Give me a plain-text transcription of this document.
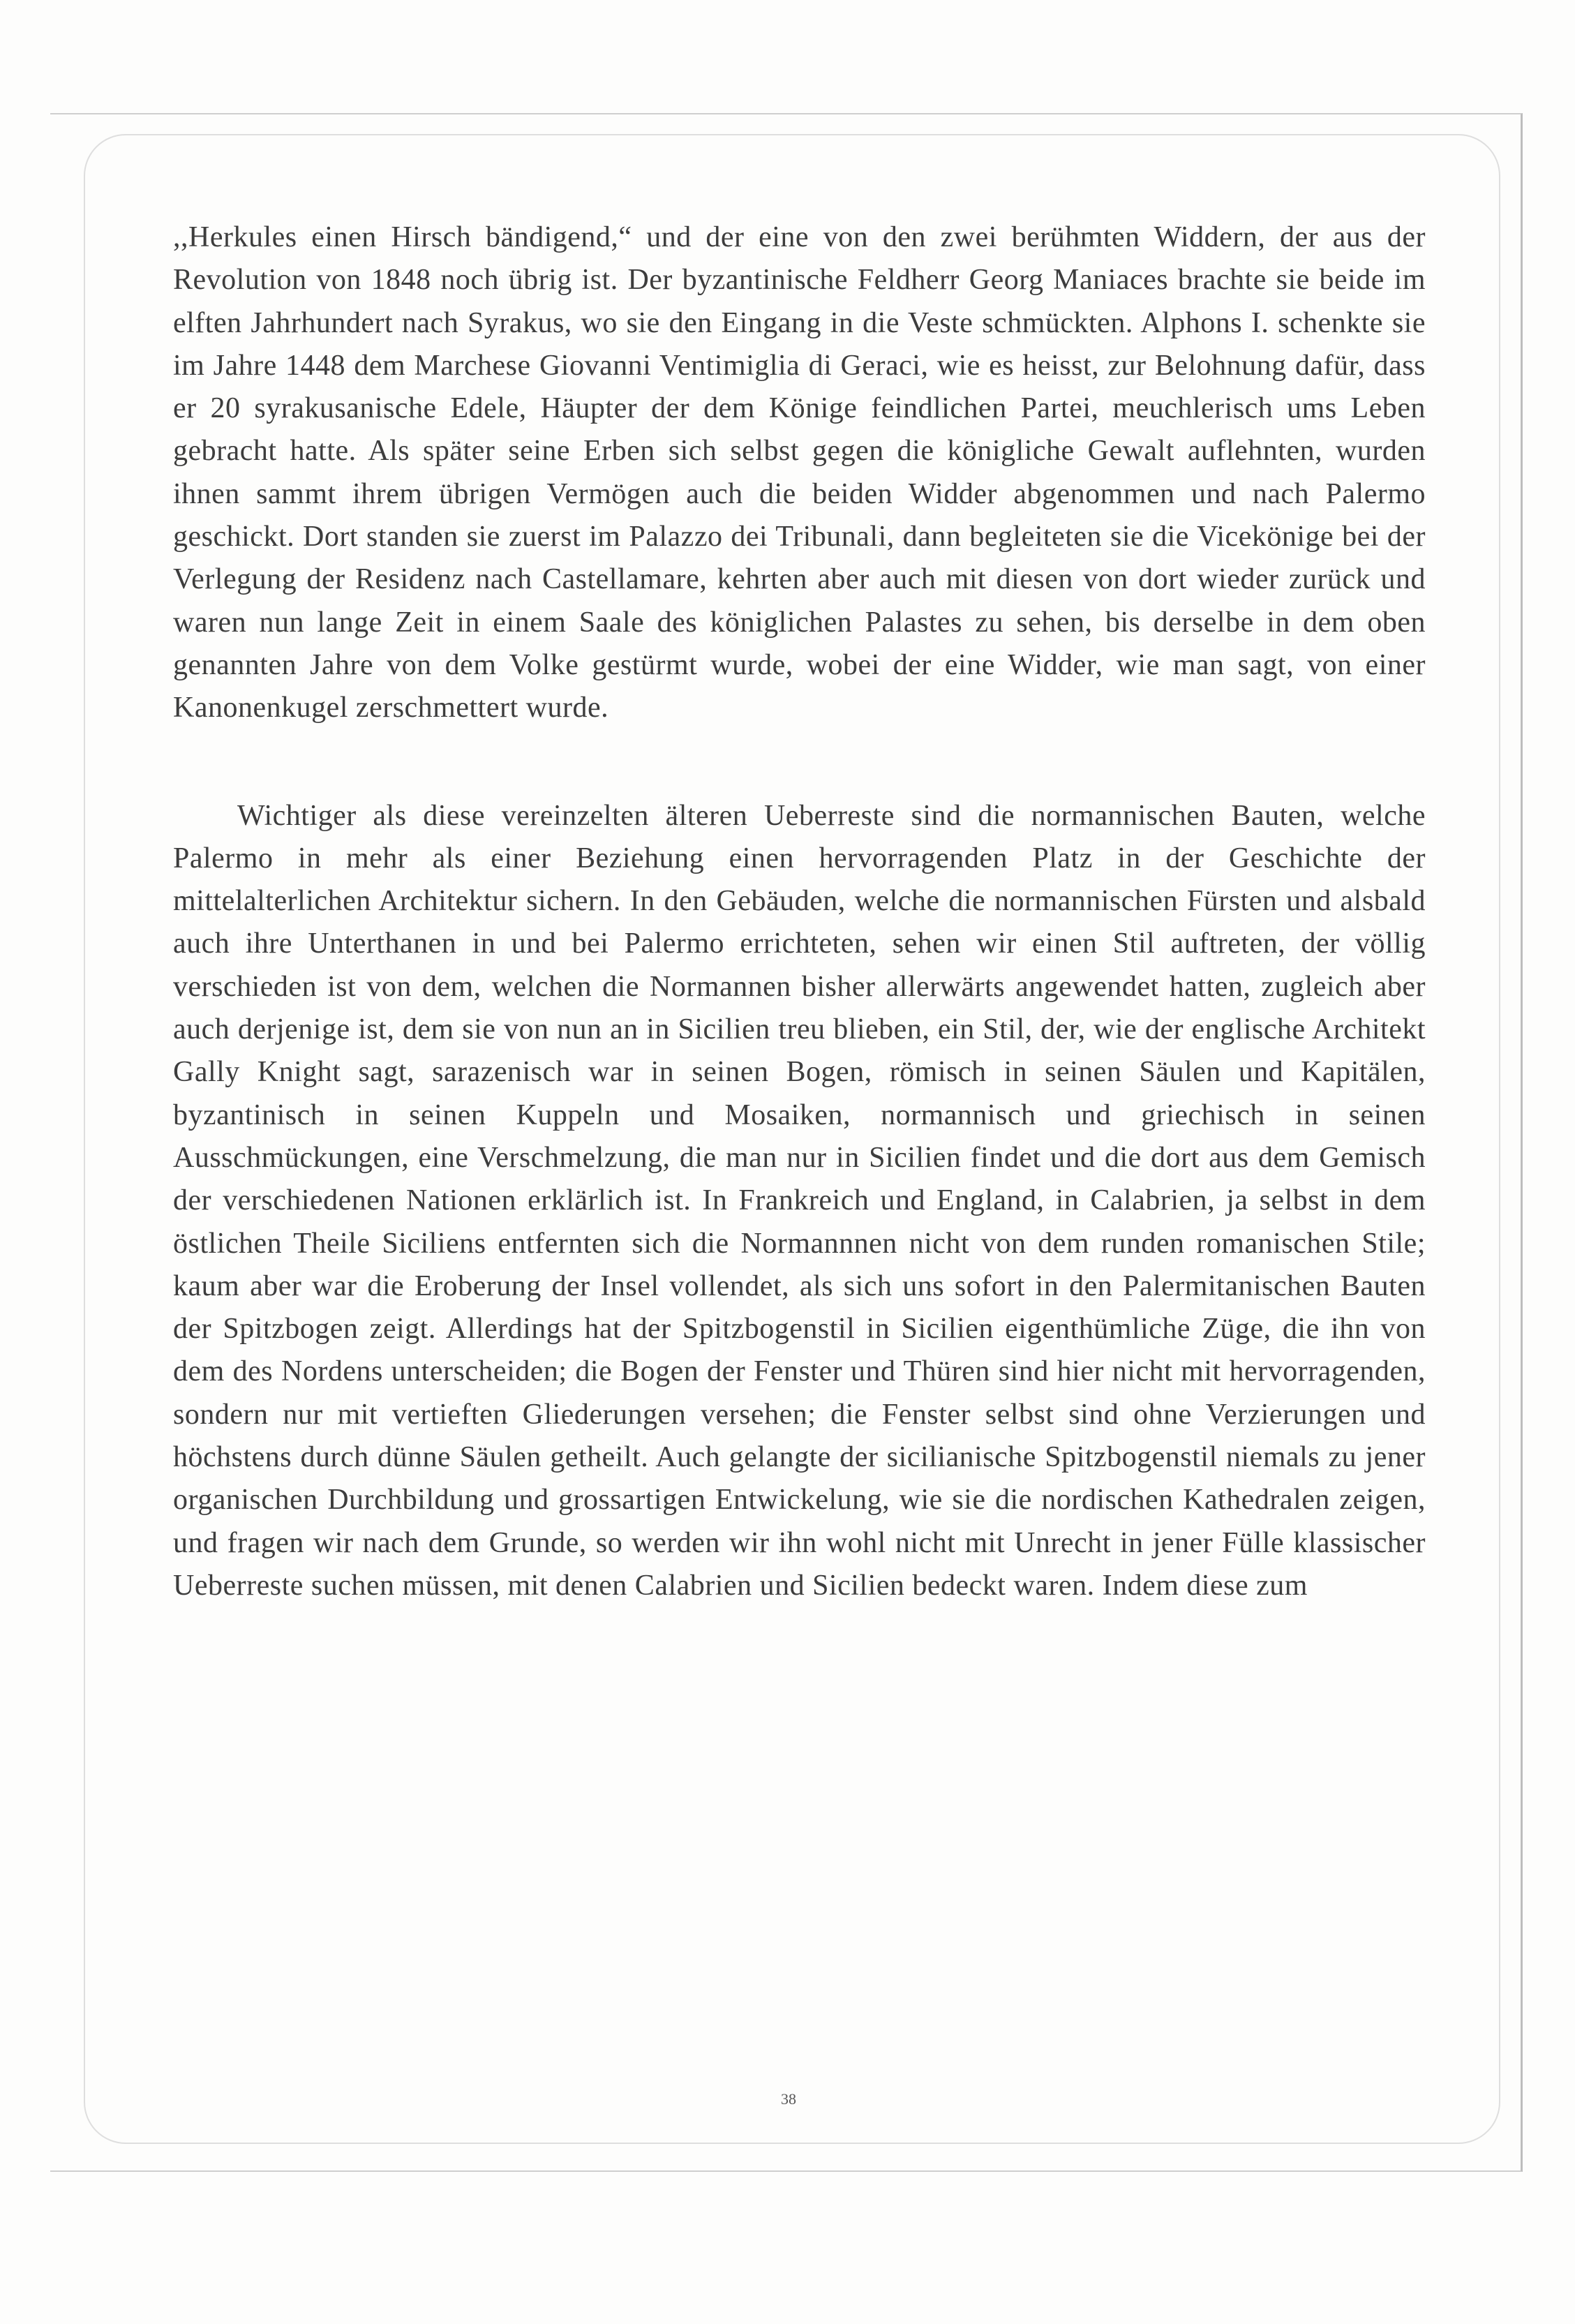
,,Herkules einen Hirsch bändigend,“ und der eine von den zwei berühmten Widdern, der aus der Revolution von 1848 noch übrig ist. Der byzantinische Feldherr Georg Maniaces brachte sie beide im elften Jahrhundert nach Syrakus, wo sie den Eingang in die Veste schmückten. Alphons I. schenkte sie im Jahre 1448 dem Marchese Giovanni Ventimiglia di Geraci, wie es heisst, zur Belohnung dafür, dass er 20 syrakusanische Edele, Häupter der dem Könige feindlichen Partei, meuchlerisch ums Leben gebracht hatte. Als später seine Erben sich selbst gegen die königliche Gewalt auflehnten, wurden ihnen sammt ihrem übrigen Vermögen auch die beiden Widder abgenommen und nach Palermo geschickt. Dort standen sie zuerst im Palazzo dei Tribunali, dann begleiteten sie die Vicekönige bei der Verlegung der Residenz nach Castellamare, kehrten aber auch mit diesen von dort wieder zurück und waren nun lange Zeit in einem Saale des königlichen Palastes zu sehen, bis derselbe in dem oben genannten Jahre von dem Volke gestürmt wurde, wobei der eine Widder, wie man sagt, von einer Kanonenkugel zerschmettert wurde.

Wichtiger als diese vereinzelten älteren Ueberreste sind die normannischen Bauten, welche Palermo in mehr als einer Beziehung einen hervorragenden Platz in der Geschichte der mittelalterlichen Architektur sichern. In den Gebäuden, welche die normannischen Fürsten und alsbald auch ihre Unterthanen in und bei Palermo errichteten, sehen wir einen Stil auftreten, der völlig verschieden ist von dem, welchen die Normannen bisher allerwärts angewendet hatten, zugleich aber auch derjenige ist, dem sie von nun an in Sicilien treu blieben, ein Stil, der, wie der englische Architekt Gally Knight sagt, sarazenisch war in seinen Bogen, römisch in seinen Säulen und Kapitälen, byzantinisch in seinen Kuppeln und Mosaiken, normannisch und griechisch in seinen Ausschmückungen, eine Verschmelzung, die man nur in Sicilien findet und die dort aus dem Gemisch der verschiedenen Nationen erklärlich ist. In Frankreich und England, in Calabrien, ja selbst in dem östlichen Theile Siciliens entfernten sich die Normannnen nicht von dem runden romanischen Stile; kaum aber war die Eroberung der Insel vollendet, als sich uns sofort in den Palermitanischen Bauten der Spitzbogen zeigt. Allerdings hat der Spitzbogenstil in Sicilien eigenthümliche Züge, die ihn von dem des Nordens unterscheiden; die Bogen der Fenster und Thüren sind hier nicht mit hervorragenden, sondern nur mit vertieften Gliederungen versehen; die Fenster selbst sind ohne Verzierungen und höchstens durch dünne Säulen getheilt. Auch gelangte der sicilianische Spitzbogenstil niemals zu jener organischen Durchbildung und grossartigen Entwickelung, wie sie die nordischen Kathedralen zeigen, und fragen wir nach dem Grunde, so werden wir ihn wohl nicht mit Unrecht in jener Fülle klassischer Ueberreste suchen müssen, mit denen Calabrien und Sicilien bedeckt waren. Indem diese zum

38
